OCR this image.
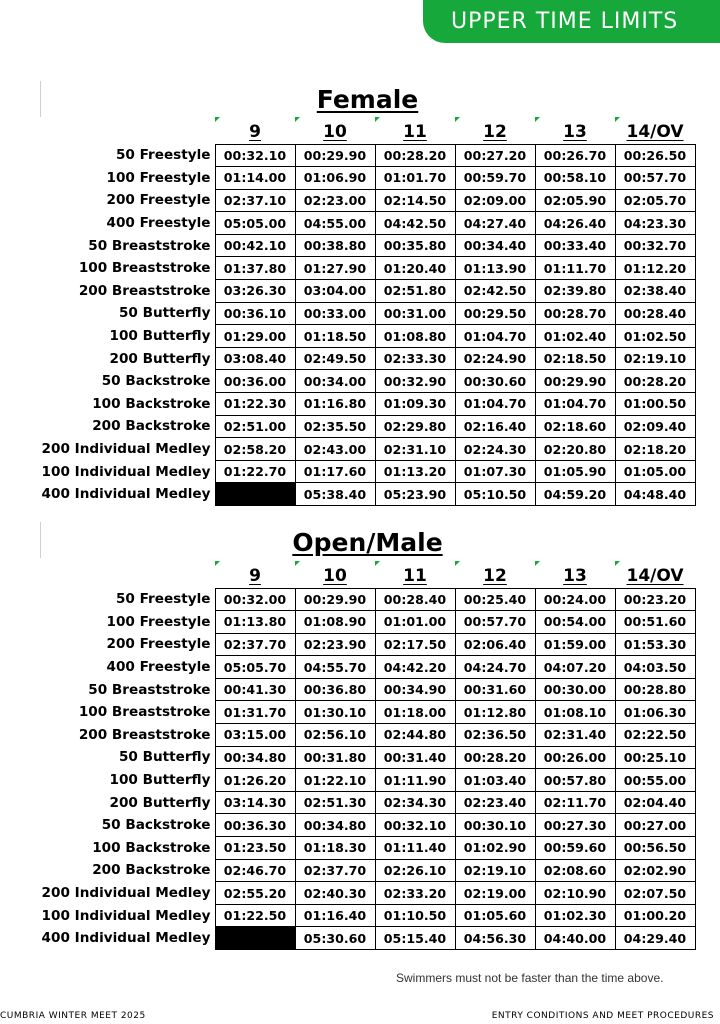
UPPER TIME LIMITS
Female

9	10	11	12	13	14/OV
50 Freestyle	00:32.10	00:29.90	00:28.20	00:27.20	00:26.70	00:26.50
100 Freestyle	01:14.00	01:06.90	01:01.70	00:59.70	00:58.10	00:57.70
200 Freestyle	02:37.10	02:23.00	02:14.50	02:09.00	02:05.90	02:05.70
400 Freestyle	05:05.00	04:55.00	04:42.50	04:27.40	04:26.40	04:23.30
50 Breaststroke	00:42.10	00:38.80	00:35.80	00:34.40	00:33.40	00:32.70
100 Breaststroke	01:37.80	01:27.90	01:20.40	01:13.90	01:11.70	01:12.20
200 Breaststroke	03:26.30	03:04.00	02:51.80	02:42.50	02:39.80	02:38.40
50 Butterfly	00:36.10	00:33.00	00:31.00	00:29.50	00:28.70	00:28.40
100 Butterfly	01:29.00	01:18.50	01:08.80	01:04.70	01:02.40	01:02.50
200 Butterfly	03:08.40	02:49.50	02:33.30	02:24.90	02:18.50	02:19.10
50 Backstroke	00:36.00	00:34.00	00:32.90	00:30.60	00:29.90	00:28.20
100 Backstroke	01:22.30	01:16.80	01:09.30	01:04.70	01:04.70	01:00.50
200 Backstroke	02:51.00	02:35.50	02:29.80	02:16.40	02:18.60	02:09.40
200 Individual Medley	02:58.20	02:43.00	02:31.10	02:24.30	02:20.80	02:18.20
100 Individual Medley	01:22.70	01:17.60	01:13.20	01:07.30	01:05.90	01:05.00
400 Individual Medley		05:38.40	05:23.90	05:10.50	04:59.20	04:48.40
Open/Male

9	10	11	12	13	14/OV
50 Freestyle	00:32.00	00:29.90	00:28.40	00:25.40	00:24.00	00:23.20
100 Freestyle	01:13.80	01:08.90	01:01.00	00:57.70	00:54.00	00:51.60
200 Freestyle	02:37.70	02:23.90	02:17.50	02:06.40	01:59.00	01:53.30
400 Freestyle	05:05.70	04:55.70	04:42.20	04:24.70	04:07.20	04:03.50
50 Breaststroke	00:41.30	00:36.80	00:34.90	00:31.60	00:30.00	00:28.80
100 Breaststroke	01:31.70	01:30.10	01:18.00	01:12.80	01:08.10	01:06.30
200 Breaststroke	03:15.00	02:56.10	02:44.80	02:36.50	02:31.40	02:22.50
50 Butterfly	00:34.80	00:31.80	00:31.40	00:28.20	00:26.00	00:25.10
100 Butterfly	01:26.20	01:22.10	01:11.90	01:03.40	00:57.80	00:55.00
200 Butterfly	03:14.30	02:51.30	02:34.30	02:23.40	02:11.70	02:04.40
50 Backstroke	00:36.30	00:34.80	00:32.10	00:30.10	00:27.30	00:27.00
100 Backstroke	01:23.50	01:18.30	01:11.40	01:02.90	00:59.60	00:56.50
200 Backstroke	02:46.70	02:37.70	02:26.10	02:19.10	02:08.60	02:02.90
200 Individual Medley	02:55.20	02:40.30	02:33.20	02:19.00	02:10.90	02:07.50
100 Individual Medley	01:22.50	01:16.40	01:10.50	01:05.60	01:02.30	01:00.20
400 Individual Medley		05:30.60	05:15.40	04:56.30	04:40.00	04:29.40
Swimmers must not be faster than the time above.
CUMBRIA WINTER MEET 2025	ENTRY CONDITIONS AND MEET PROCEDURES
